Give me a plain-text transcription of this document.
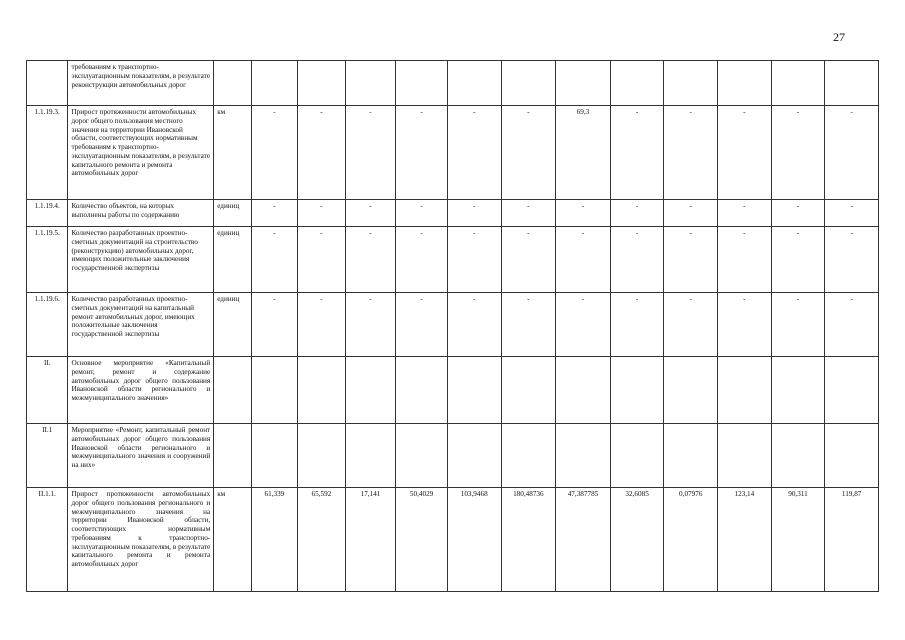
27
	требованиям к транспортно-эксплуатационным показателям, в результате реконструкции автомобильных дорог													
1.1.19.3.	Прирост протяженности автомобильных дорог общего пользования местного значения на территории Ивановской области, соответствующих нормативным требованиям к транспортно-эксплуатационным показателям, в результате капитального ремонта и ремонта автомобильных дорог	км	-	-	-	-	-	-	69,3	-	-	-	-	-
1.1.19.4.	Количество объектов, на которых выполнены работы по содержанию	единиц	-	-	-	-	-	-	-	-	-	-	-	-
1.1.19.5.	Количество разработанных проектно-сметных документаций на строительство (реконструкцию) автомобильных дорог, имеющих положительные заключения государственной экспертизы	единиц	-	-	-	-	-	-	-	-	-	-	-	-
1.1.19.6.	Количество разработанных проектно-сметных документаций на капитальный ремонт автомобильных дорог, имеющих положительные заключения государственной экспертизы	единиц	-	-	-	-	-	-	-	-	-	-	-	-
II.	Основное мероприятие «Капитальный ремонт, ремонт и содержание автомобильных дорог общего пользования Ивановской области регионального и межмуниципального значения»													
II.1	Мероприятие «Ремонт, капитальный ремонт автомобильных дорог общего пользования Ивановской области регионального и межмуниципального значения и сооружений на них»													
II.1.1.	Прирост протяженности автомобильных дорог общего пользования регионального и межмуниципального значения на территории Ивановской области, соответствующих нормативным требованиям к транспортно-эксплуатационным показателям, в результате капитального ремонта и ремонта автомобильных дорог	км	61,339	65,592	17,141	50,4029	103,9468	180,48736	47,387785	32,6085	0,07976	123,14	90,311	119,87
